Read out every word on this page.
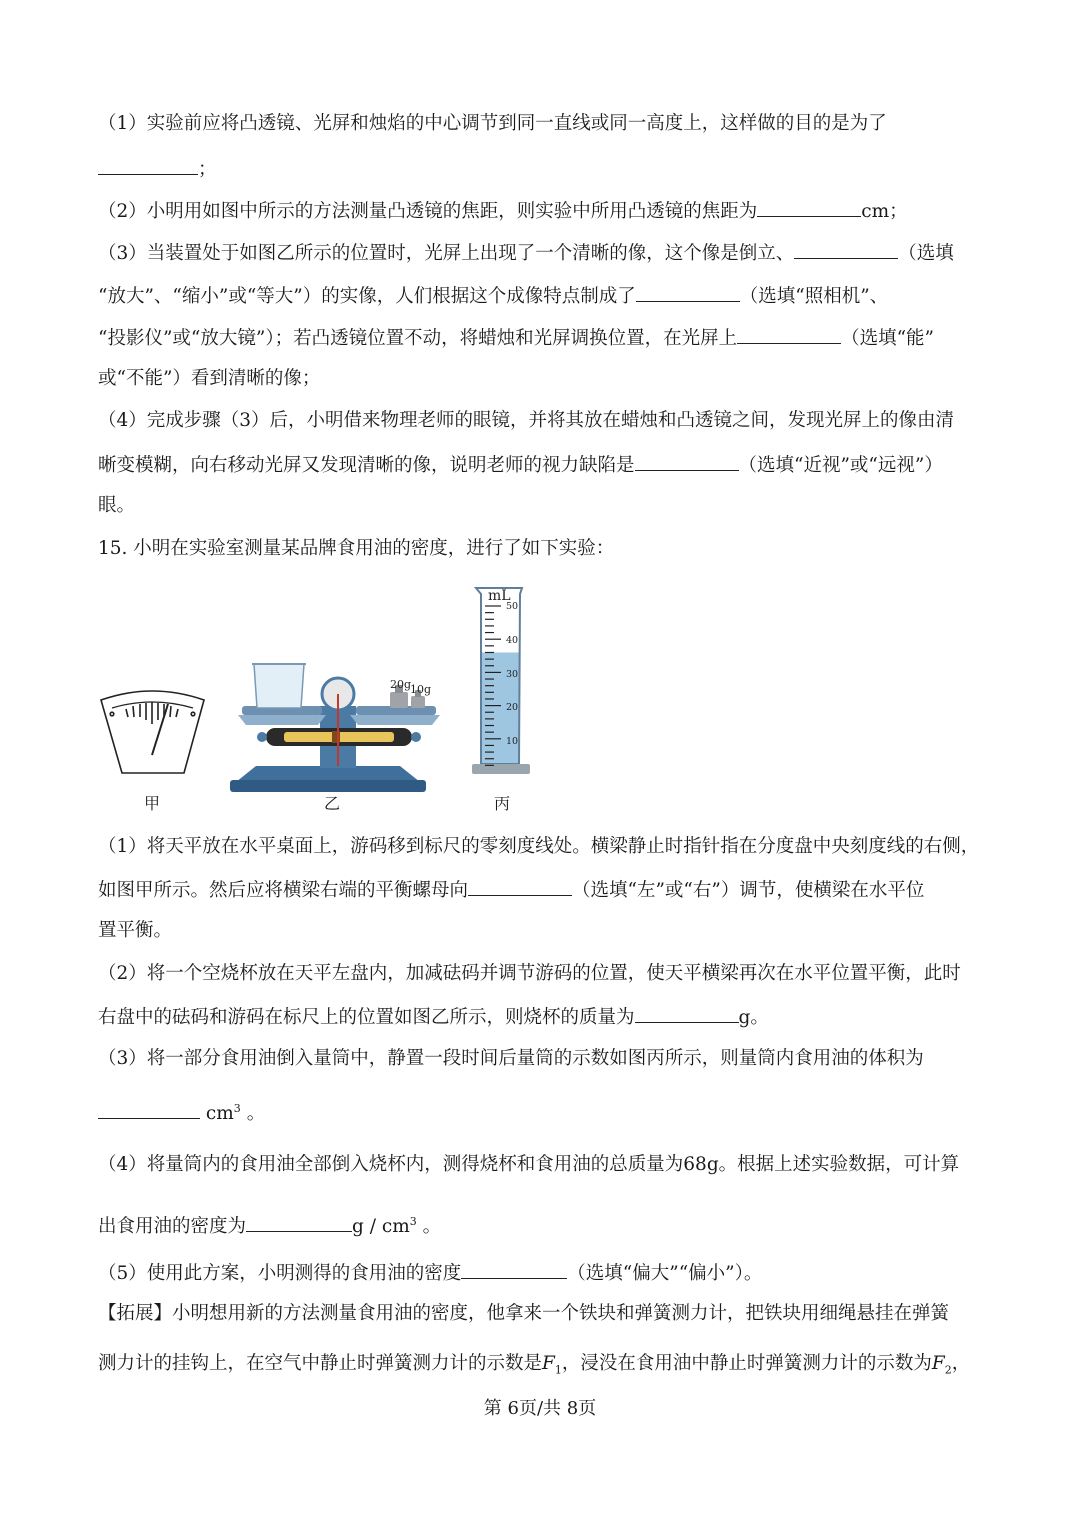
（1）实验前应将凸透镜、光屏和烛焰的中心调节到同一直线或同一高度上，这样做的目的是为了
；
（2）小明用如图中所示的方法测量凸透镜的焦距，则实验中所用凸透镜的焦距为	cm；
（3）当装置处于如图乙所示的位置时，光屏上出现了一个清晰的像，这个像是倒立、	（选填
“放大”、“缩小”或“等大”）的实像，人们根据这个成像特点制成了	（选填“照相机”、
“投影仪”或“放大镜”）；若凸透镜位置不动，将蜡烛和光屏调换位置，在光屏上	（选填“能”
或“不能”）看到清晰的像；
（4）完成步骤（3）后，小明借来物理老师的眼镜，并将其放在蜡烛和凸透镜之间，发现光屏上的像由清
晰变模糊，向右移动光屏又发现清晰的像，说明老师的视力缺陷是	（选填“近视”或“远视”）
眼。
15. 小明在实验室测量某品牌食用油的密度，进行了如下实验：
20g
10g
mL
50
40
30
20
10
甲	乙	丙
（1）将天平放在水平桌面上，游码移到标尺的零刻度线处。横梁静止时指针指在分度盘中央刻度线的右侧，
如图甲所示。然后应将横梁右端的平衡螺母向	（选填“左”或“右”）调节，使横梁在水平位
置平衡。
（2）将一个空烧杯放在天平左盘内，加减砝码并调节游码的位置，使天平横梁再次在水平位置平衡，此时
右盘中的砝码和游码在标尺上的位置如图乙所示，则烧杯的质量为	g。
（3）将一部分食用油倒入量筒中，静置一段时间后量筒的示数如图丙所示，则量筒内食用油的体积为
$cm^3$ 。
（4）将量筒内的食用油全部倒入烧杯内，测得烧杯和食用油的总质量为68g。根据上述实验数据，可计算
出食用油的密度为	g / $cm^3$ 。
（5）使用此方案，小明测得的食用油的密度	（选填“偏大”“偏小”）。
【拓展】小明想用新的方法测量食用油的密度，他拿来一个铁块和弹簧测力计，把铁块用细绳悬挂在弹簧
测力计的挂钩上，在空气中静止时弹簧测力计的示数是$F_1$，浸没在食用油中静止时弹簧测力计的示数为$F_2$，
第 6页/共 8页
